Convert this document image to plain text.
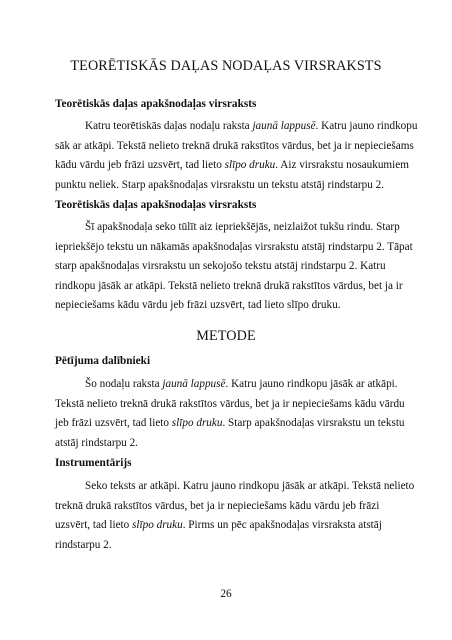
TEORĒTISKĀS DAĻAS NODAĻAS VIRSRAKSTS
Teorētiskās daļas apakšnodaļas virsraksts
Katru teorētiskās daļas nodaļu raksta jaunā lappusē. Katru jauno rindkopu
sāk ar atkāpi. Tekstā nelieto treknā drukā rakstītos vārdus, bet ja ir nepieciešams
kādu vārdu jeb frāzi uzsvērt, tad lieto slīpo druku. Aiz virsrakstu nosaukumiem
punktu neliek. Starp apakšnodaļas virsrakstu un tekstu atstāj rindstarpu 2.
Teorētiskās daļas apakšnodaļas virsraksts
Šī apakšnodaļa seko tūlīt aiz iepriekšējās, neizlaižot tukšu rindu. Starp
iepriekšējo tekstu un nākamās apakšnodaļas virsrakstu atstāj rindstarpu 2. Tāpat
starp apakšnodaļas virsrakstu un sekojošo tekstu atstāj rindstarpu 2. Katru
rindkopu jāsāk ar atkāpi. Tekstā nelieto treknā drukā rakstītos vārdus, bet ja ir
nepieciešams kādu vārdu jeb frāzi uzsvērt, tad lieto slīpo druku.
METODE
Pētījuma dalībnieki
Šo nodaļu raksta jaunā lappusē. Katru jauno rindkopu jāsāk ar atkāpi.
Tekstā nelieto treknā drukā rakstītos vārdus, bet ja ir nepieciešams kādu vārdu
jeb frāzi uzsvērt, tad lieto slīpo druku. Starp apakšnodaļas virsrakstu un tekstu
atstāj rindstarpu 2.
Instrumentārijs
Seko teksts ar atkāpi. Katru jauno rindkopu jāsāk ar atkāpi. Tekstā nelieto
treknā drukā rakstītos vārdus, bet ja ir nepieciešams kādu vārdu jeb frāzi
uzsvērt, tad lieto slīpo druku. Pirms un pēc apakšnodaļas virsraksta atstāj
rindstarpu 2.
26
